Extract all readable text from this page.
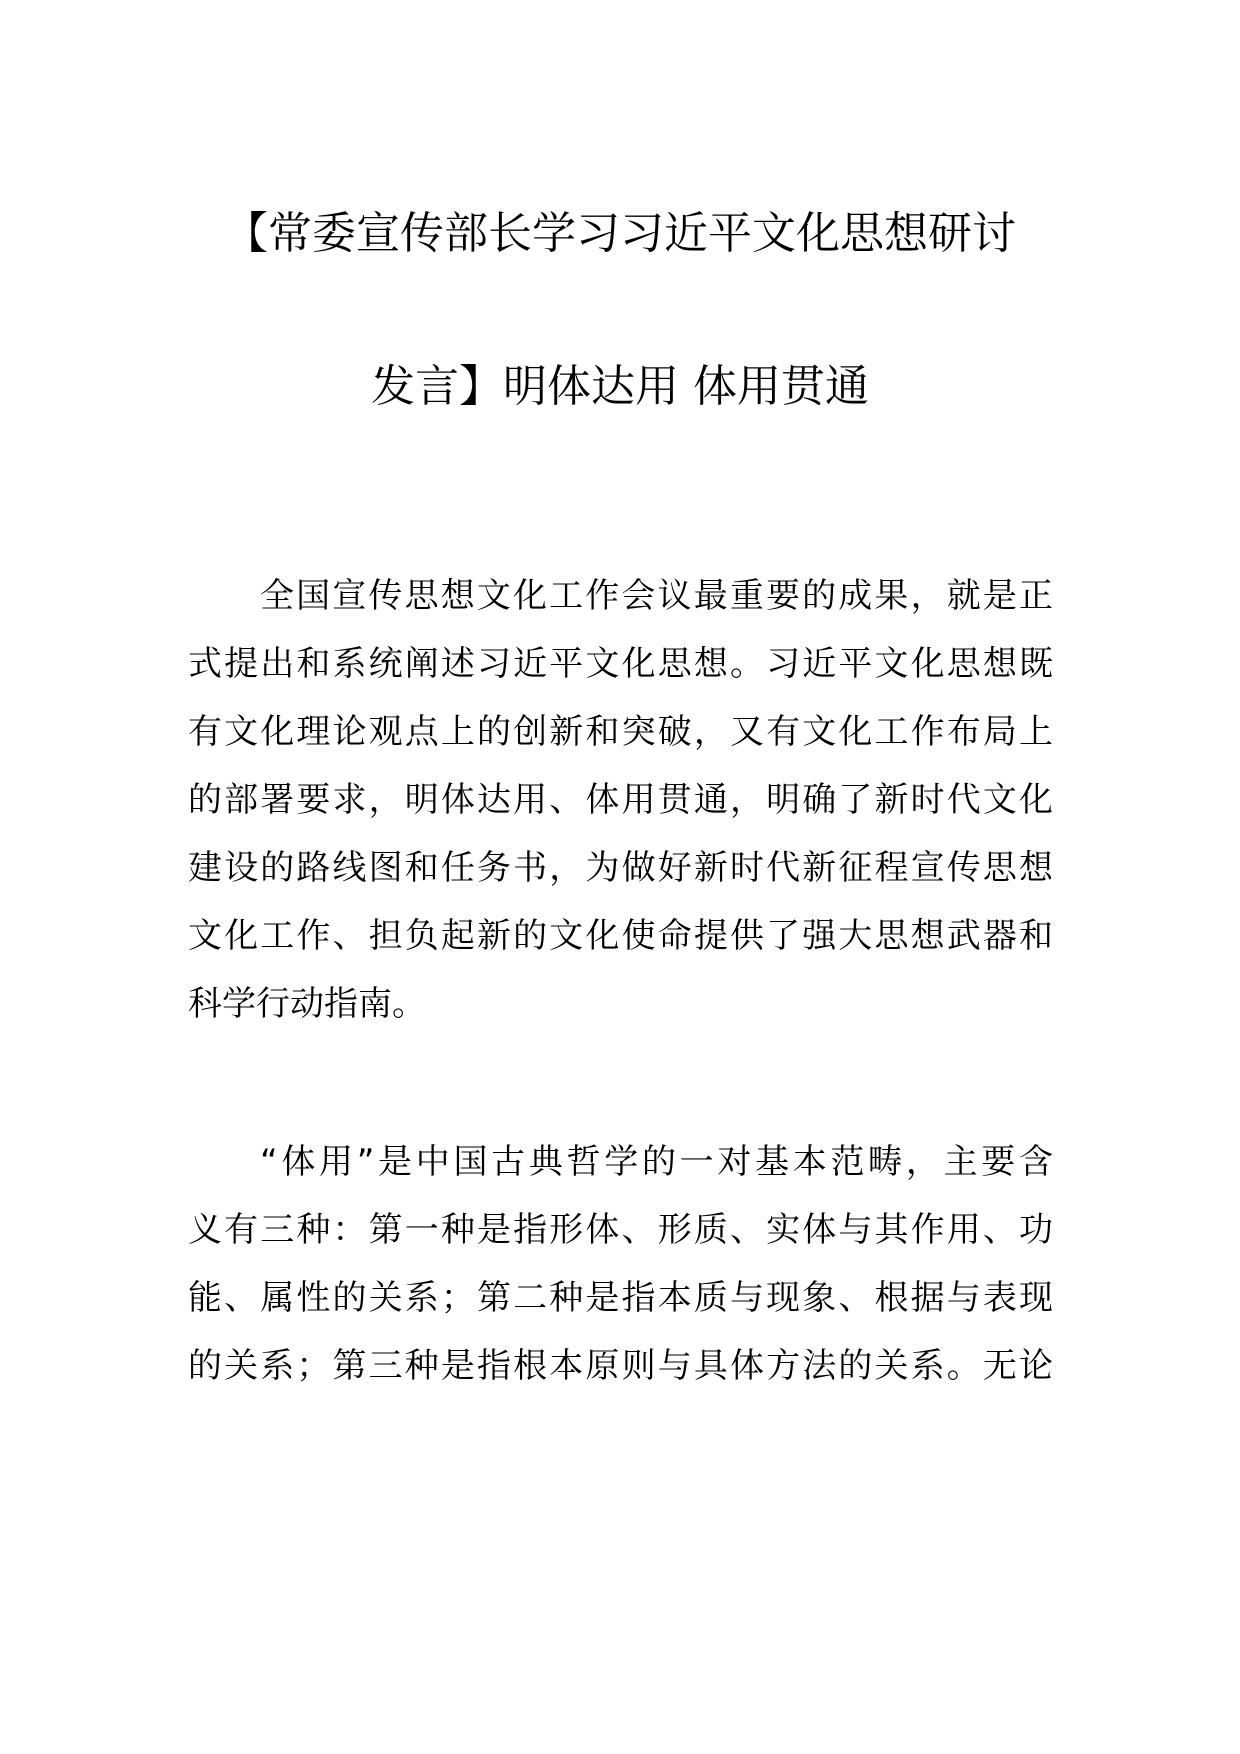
【常委宣传部长学习习近平文化思想研讨
发言】明体达用 体用贯通
全国宣传思想文化工作会议最重要的成果，就是正
式提出和系统阐述习近平文化思想。习近平文化思想既
有文化理论观点上的创新和突破，又有文化工作布局上
的部署要求，明体达用、体用贯通，明确了新时代文化
建设的路线图和任务书，为做好新时代新征程宣传思想
文化工作、担负起新的文化使命提供了强大思想武器和
科学行动指南。
“体用”是中国古典哲学的一对基本范畴，主要含
义有三种：第一种是指形体、形质、实体与其作用、功
能、属性的关系；第二种是指本质与现象、根据与表现
的关系；第三种是指根本原则与具体方法的关系。无论
